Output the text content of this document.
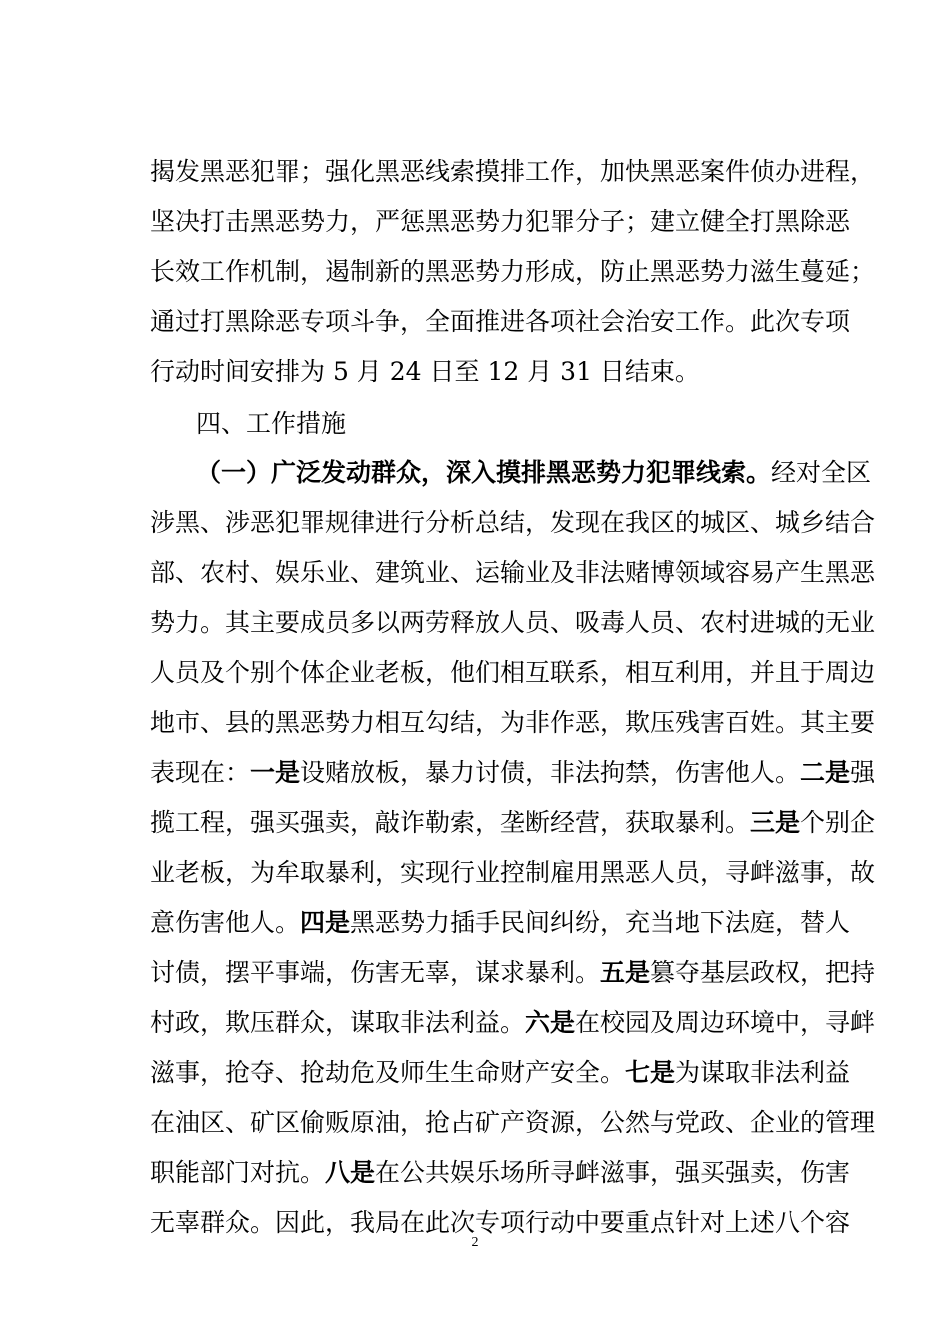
揭发黑恶犯罪；强化黑恶线索摸排工作，加快黑恶案件侦办进程，
坚决打击黑恶势力，严惩黑恶势力犯罪分子；建立健全打黑除恶
长效工作机制，遏制新的黑恶势力形成，防止黑恶势力滋生蔓延；
通过打黑除恶专项斗争，全面推进各项社会治安工作。此次专项
行动时间安排为 5 月 24 日至 12 月 31 日结束。
四、工作措施
（一）广泛发动群众，深入摸排黑恶势力犯罪线索。经对全区
涉黑、涉恶犯罪规律进行分析总结，发现在我区的城区、城乡结合
部、农村、娱乐业、建筑业、运输业及非法赌博领域容易产生黑恶
势力。其主要成员多以两劳释放人员、吸毒人员、农村进城的无业
人员及个别个体企业老板，他们相互联系，相互利用，并且于周边
地市、县的黑恶势力相互勾结，为非作恶，欺压残害百姓。其主要
表现在：一是设赌放板，暴力讨债，非法拘禁，伤害他人。二是强
揽工程，强买强卖，敲诈勒索，垄断经营，获取暴利。三是个别企
业老板，为牟取暴利，实现行业控制雇用黑恶人员，寻衅滋事，故
意伤害他人。四是黑恶势力插手民间纠纷，充当地下法庭，替人
讨债，摆平事端，伤害无辜，谋求暴利。五是篡夺基层政权，把持
村政，欺压群众，谋取非法利益。六是在校园及周边环境中，寻衅
滋事，抢夺、抢劫危及师生生命财产安全。七是为谋取非法利益
在油区、矿区偷贩原油，抢占矿产资源，公然与党政、企业的管理
职能部门对抗。八是在公共娱乐场所寻衅滋事，强买强卖，伤害
无辜群众。因此，我局在此次专项行动中要重点针对上述八个容
2
